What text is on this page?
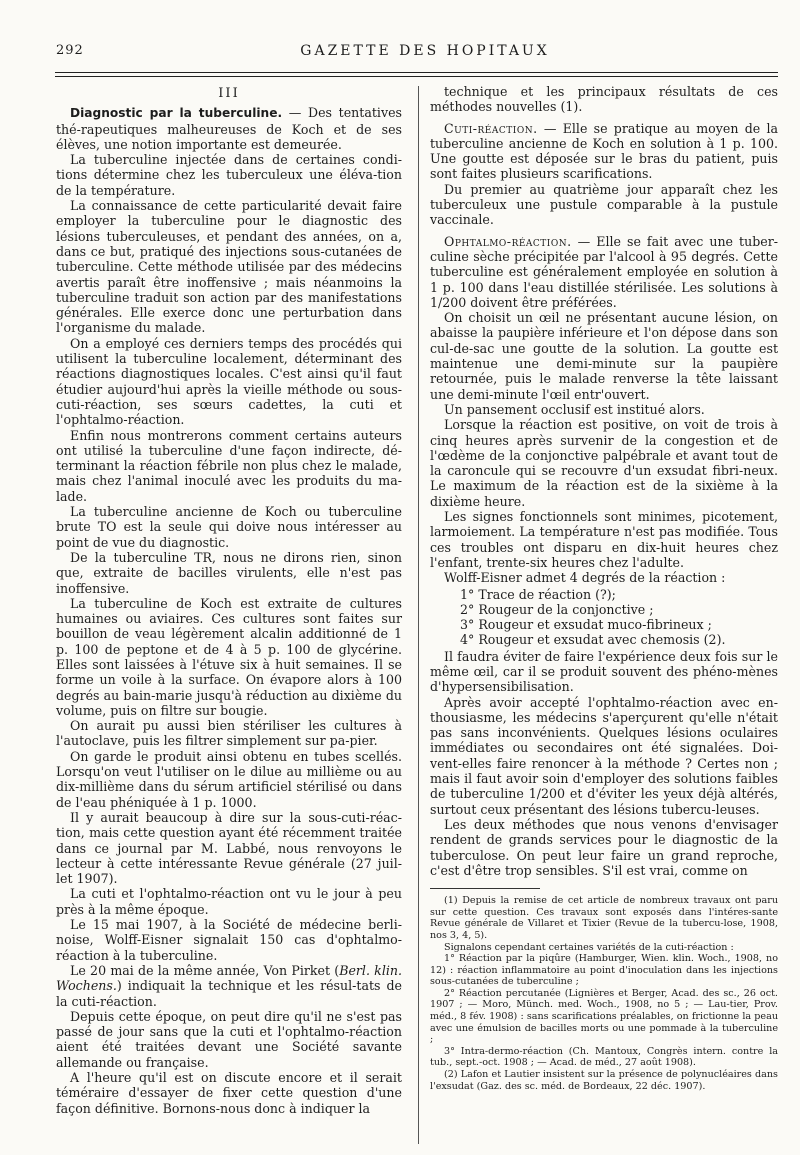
292	GAZETTE DES HOPITAUX
III

Diagnostic par la tuberculine. — Des tentatives thé-rapeutiques malheureuses de Koch et de ses élèves, une notion importante est demeurée.

La tuberculine injectée dans de certaines condi-tions détermine chez les tuberculeux une éléva-tion de la température.

La connaissance de cette particularité devait faire employer la tuberculine pour le diagnostic des lésions tuberculeuses, et pendant des années, on a, dans ce but, pratiqué des injections sous-cutanées de tuberculine. Cette méthode utilisée par des médecins avertis paraît être inoffensive ; mais néanmoins la tuberculine traduit son action par des manifestations générales. Elle exerce donc une perturbation dans l'organisme du malade.

On a employé ces derniers temps des procédés qui utilisent la tuberculine localement, déterminant des réactions diagnostiques locales. C'est ainsi qu'il faut étudier aujourd'hui après la vieille méthode ou sous-cuti-réaction, ses sœurs cadettes, la cuti et l'ophtalmo-réaction.

Enfin nous montrerons comment certains auteurs ont utilisé la tuberculine d'une façon indirecte, dé-terminant la réaction fébrile non plus chez le malade, mais chez l'animal inoculé avec les produits du ma-lade.

La tuberculine ancienne de Koch ou tuberculine brute TO est la seule qui doive nous intéresser au point de vue du diagnostic.

De la tuberculine TR, nous ne dirons rien, sinon que, extraite de bacilles virulents, elle n'est pas inoffensive.

La tuberculine de Koch est extraite de cultures humaines ou aviaires. Ces cultures sont faites sur bouillon de veau légèrement alcalin additionné de 1 p. 100 de peptone et de 4 à 5 p. 100 de glycérine. Elles sont laissées à l'étuve six à huit semaines. Il se forme un voile à la surface. On évapore alors à 100 degrés au bain-marie jusqu'à réduction au dixième du volume, puis on filtre sur bougie.

On aurait pu aussi bien stériliser les cultures à l'autoclave, puis les filtrer simplement sur pa-pier.

On garde le produit ainsi obtenu en tubes scellés. Lorsqu'on veut l'utiliser on le dilue au millième ou au dix-millième dans du sérum artificiel stérilisé ou dans de l'eau phéniquée à 1 p. 1000.

Il y aurait beaucoup à dire sur la sous-cuti-réac-tion, mais cette question ayant été récemment traitée dans ce journal par M. Labbé, nous renvoyons le lecteur à cette intéressante Revue générale (27 juil-let 1907).

La cuti et l'ophtalmo-réaction ont vu le jour à peu près à la même époque.

Le 15 mai 1907, à la Société de médecine berli-noise, Wolff-Eisner signalait 150 cas d'ophtalmo-réaction à la tuberculine.

Le 20 mai de la même année, Von Pirket (Berl. klin. Wochens.) indiquait la technique et les résul-tats de la cuti-réaction.

Depuis cette époque, on peut dire qu'il ne s'est pas passé de jour sans que la cuti et l'ophtalmo-réaction aient été traitées devant une Société savante allemande ou française.

A l'heure qu'il est on discute encore et il serait téméraire d'essayer de fixer cette question d'une façon définitive. Bornons-nous donc à indiquer la

technique et les principaux résultats de ces méthodes nouvelles (1).

Cuti-réaction. — Elle se pratique au moyen de la tuberculine ancienne de Koch en solution à 1 p. 100. Une goutte est déposée sur le bras du patient, puis sont faites plusieurs scarifications.

Du premier au quatrième jour apparaît chez les tuberculeux une pustule comparable à la pustule vaccinale.

Ophtalmo-réaction. — Elle se fait avec une tuber-culine sèche précipitée par l'alcool à 95 degrés. Cette tuberculine est généralement employée en solution à 1 p. 100 dans l'eau distillée stérilisée. Les solutions à 1/200 doivent être préférées.

On choisit un œil ne présentant aucune lésion, on abaisse la paupière inférieure et l'on dépose dans son cul-de-sac une goutte de la solution. La goutte est maintenue une demi-minute sur la paupière retournée, puis le malade renverse la tête laissant une demi-minute l'œil entr'ouvert.

Un pansement occlusif est institué alors.

Lorsque la réaction est positive, on voit de trois à cinq heures après survenir de la congestion et de l'œdème de la conjonctive palpébrale et avant tout de la caroncule qui se recouvre d'un exsudat fibri-neux. Le maximum de la réaction est de la sixième à la dixième heure.

Les signes fonctionnels sont minimes, picotement, larmoiement. La température n'est pas modifiée. Tous ces troubles ont disparu en dix-huit heures chez l'enfant, trente-six heures chez l'adulte.

Wolff-Eisner admet 4 degrés de la réaction :

1° Trace de réaction (?);
2° Rougeur de la conjonctive ;
3° Rougeur et exsudat muco-fibrineux ;
4° Rougeur et exsudat avec chemosis (2).

Il faudra éviter de faire l'expérience deux fois sur le même œil, car il se produit souvent des phéno-mènes d'hypersensibilisation.

Après avoir accepté l'ophtalmo-réaction avec en-thousiasme, les médecins s'aperçurent qu'elle n'était pas sans inconvénients. Quelques lésions oculaires immédiates ou secondaires ont été signalées. Doi-vent-elles faire renoncer à la méthode ? Certes non ; mais il faut avoir soin d'employer des solutions faibles de tuberculine 1/200 et d'éviter les yeux déjà altérés, surtout ceux présentant des lésions tubercu-leuses.

Les deux méthodes que nous venons d'envisager rendent de grands services pour le diagnostic de la tuberculose. On peut leur faire un grand reproche, c'est d'être trop sensibles. S'il est vrai, comme on

(1) Depuis la remise de cet article de nombreux travaux ont paru sur cette question. Ces travaux sont exposés dans l'intéres-sante Revue générale de Villaret et Tixier (Revue de la tubercu-lose, 1908, nos 3, 4, 5).

Signalons cependant certaines variétés de la cuti-réaction :

1° Réaction par la piqûre (Hamburger, Wien. klin. Woch., 1908, no 12) : réaction inflammatoire au point d'inoculation dans les injections sous-cutanées de tuberculine ;

2° Réaction percutanée (Lignières et Berger, Acad. des sc., 26 oct. 1907 ; — Moro, Münch. med. Woch., 1908, no 5 ; — Lau-tier, Prov. méd., 8 fév. 1908) : sans scarifications préalables, on frictionne la peau avec une émulsion de bacilles morts ou une pommade à la tuberculine ;

3° Intra-dermo-réaction (Ch. Mantoux, Congrès intern. contre la tub., sept.-oct. 1908 ; — Acad. de méd., 27 août 1908).

(2) Lafon et Lautier insistent sur la présence de polynucléaires dans l'exsudat (Gaz. des sc. méd. de Bordeaux, 22 déc. 1907).
